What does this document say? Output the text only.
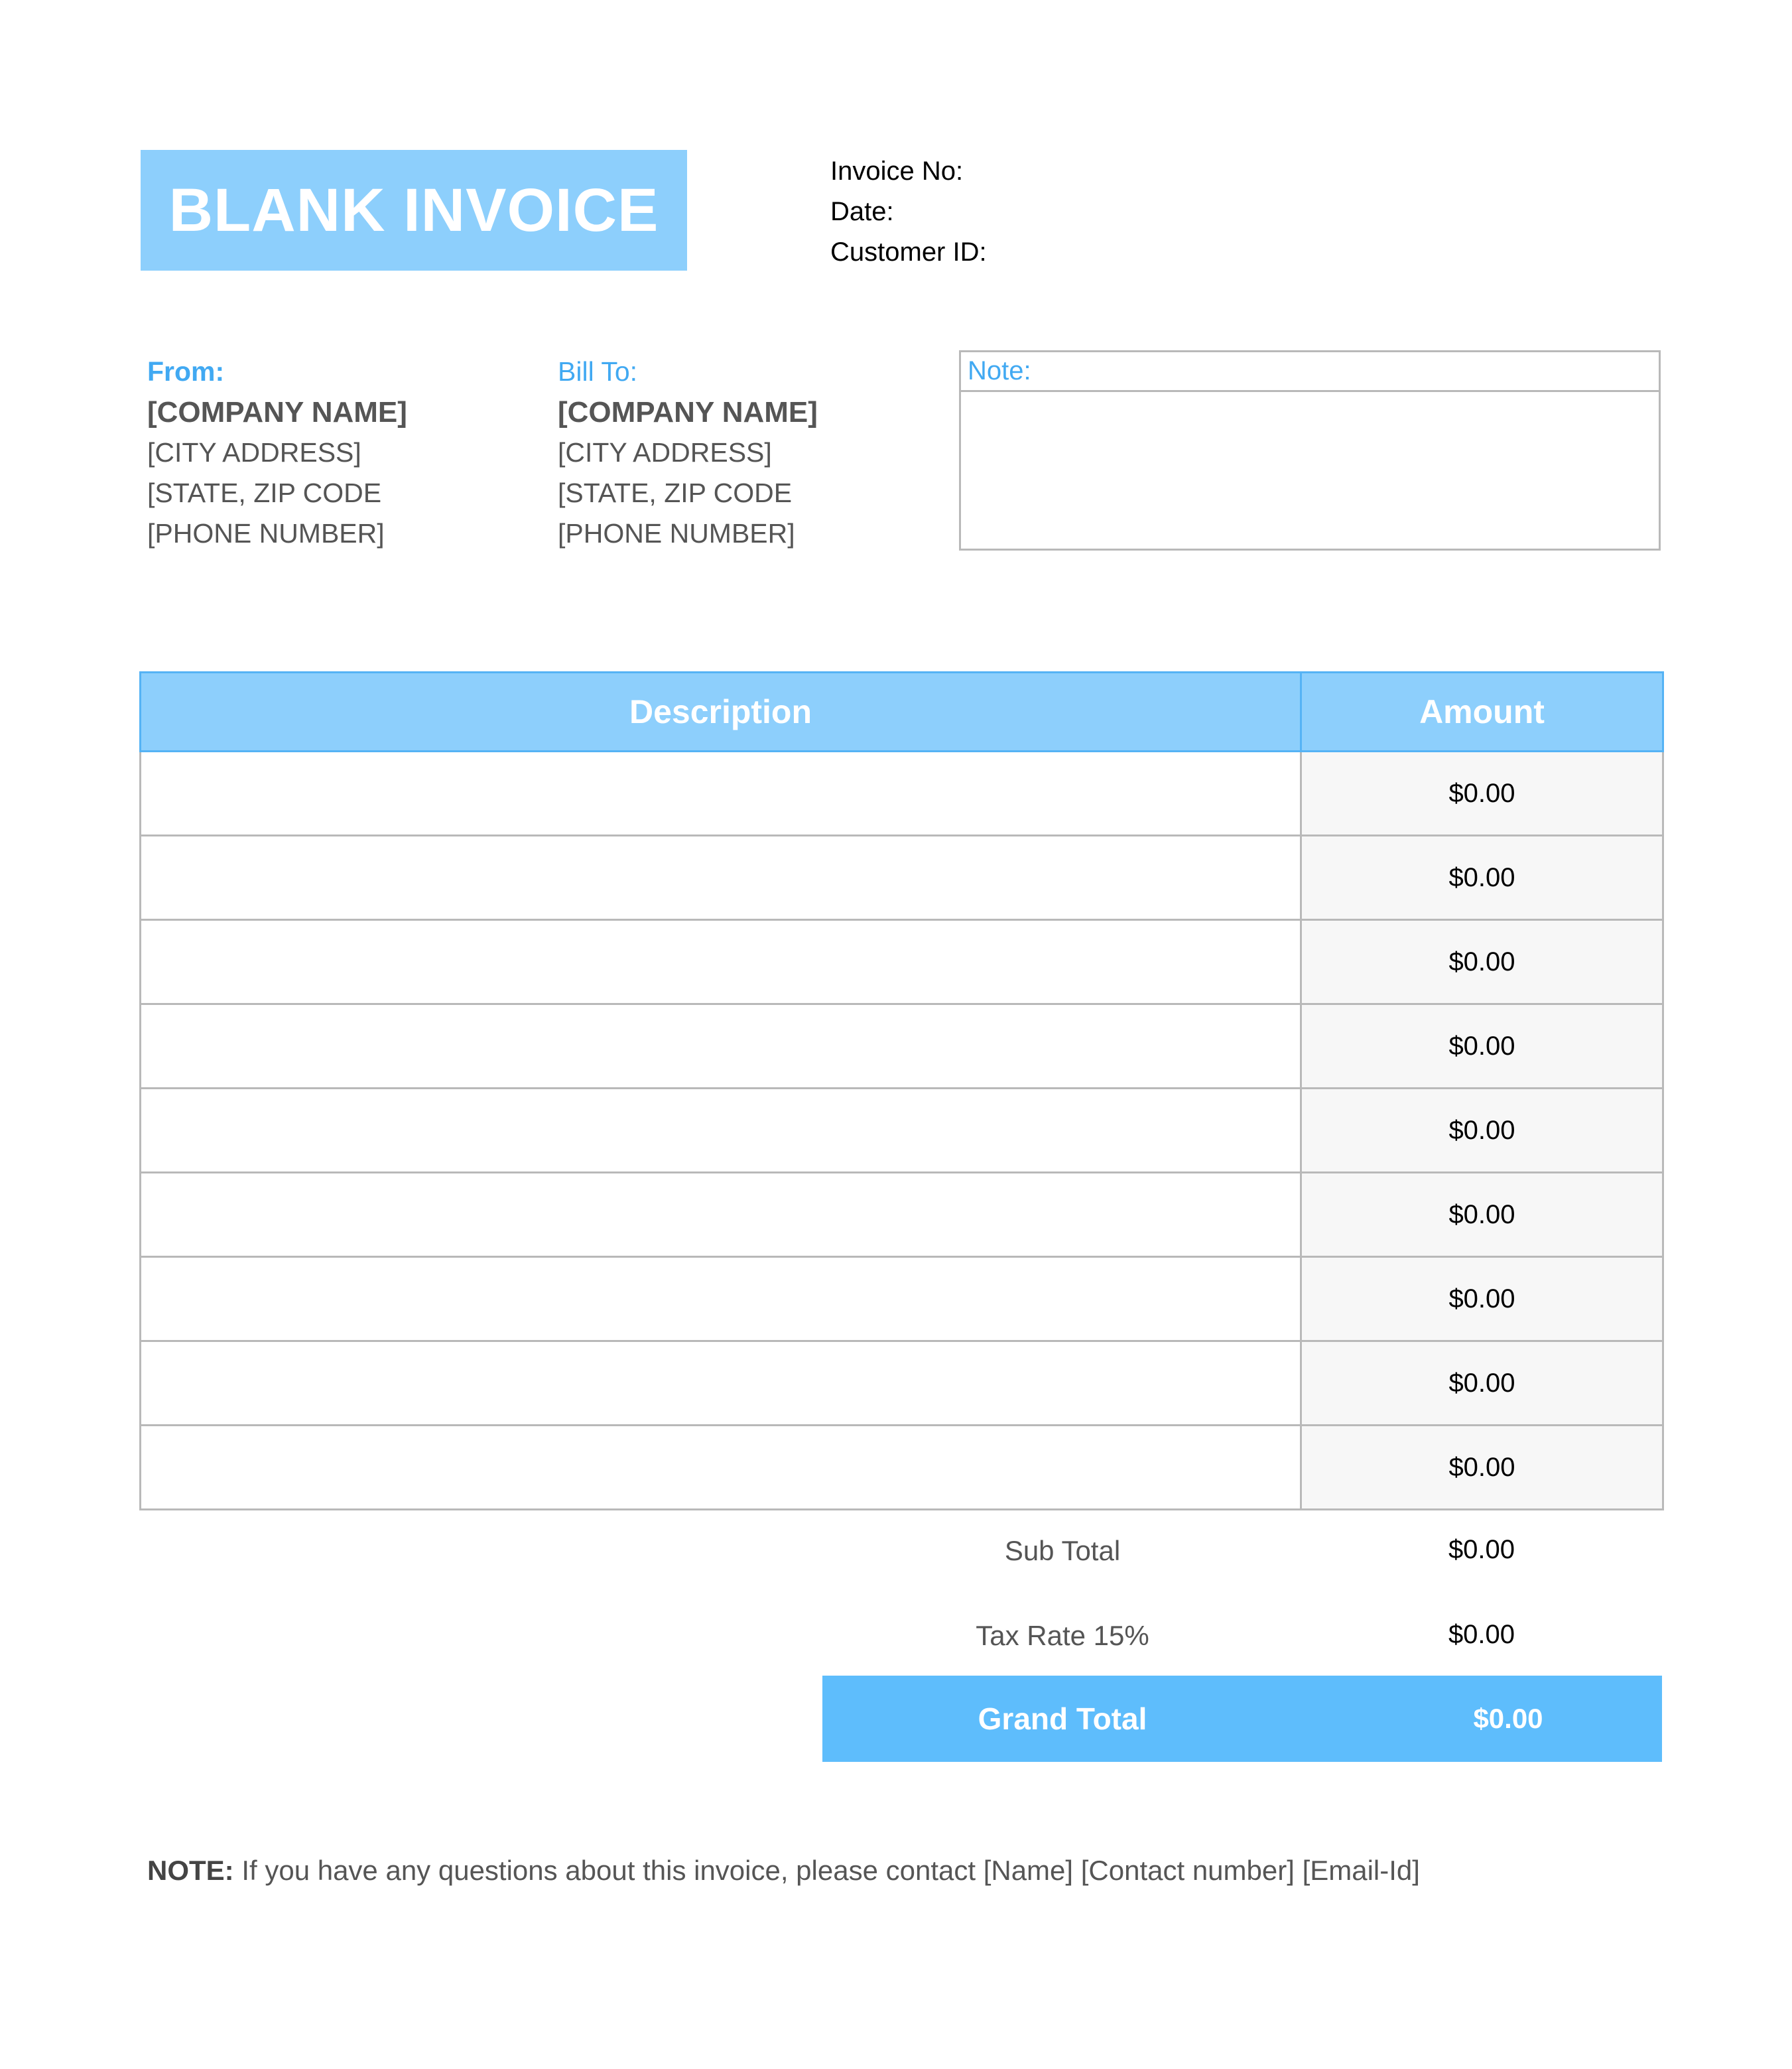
BLANK INVOICE
Invoice No:
Date:
Customer ID:
From:
[COMPANY NAME]
[CITY ADDRESS]
[STATE, ZIP CODE
[PHONE NUMBER]
Bill To:
[COMPANY NAME]
[CITY ADDRESS]
[STATE, ZIP CODE
[PHONE NUMBER]
Note:
Description	Amount
	$0.00
	$0.00
	$0.00
	$0.00
	$0.00
	$0.00
	$0.00
	$0.00
	$0.00
Sub Total	$0.00
Tax Rate 15%	$0.00
Grand Total	$0.00
NOTE: If you have any questions about this invoice, please contact [Name] [Contact number] [Email-Id]
